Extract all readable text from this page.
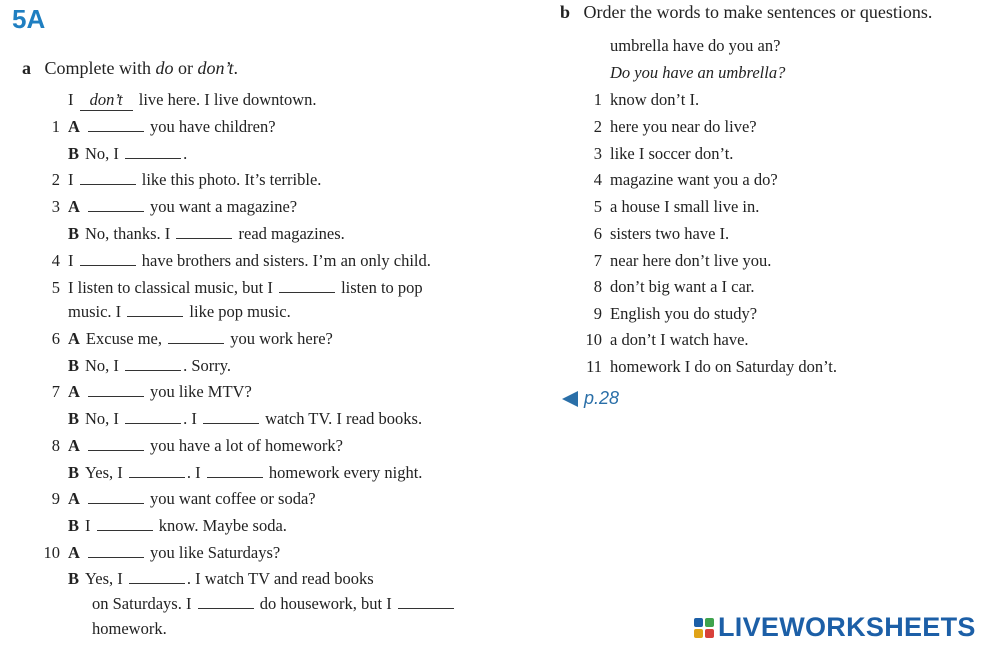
5A
a Complete with do or don’t.
I don’t live here. I live downtown.
1 A	you have children?
B No, I	.
2 I	like this photo. It’s terrible.
3 A	you want a magazine?
B No, thanks. I	read magazines.
4 I	have brothers and sisters. I’m an only child.
5 I listen to classical music, but I	listen to pop
music. I	like pop music.
6 A Excuse me,	you work here?
B No, I	. Sorry.
7 A	you like MTV?
B No, I	. I	watch TV. I read books.
8 A	you have a lot of homework?
B Yes, I	. I	homework every night.
9 A	you want coffee or soda?
B I	know. Maybe soda.
10 A	you like Saturdays?
B Yes, I	. I watch TV and read books
on Saturdays. I	do housework, but I
homework.
b Order the words to make sentences or questions.
umbrella have do you an?
Do you have an umbrella?
1 know don’t I.
2 here you near do live?
3 like I soccer don’t.
4 magazine want you a do?
5 a house I small live in.
6 sisters two have I.
7 near here don’t live you.
8 don’t big want a I car.
9 English you do study?
10 a don’t I watch have.
11 homework I do on Saturday don’t.
p.28
LIVEWORKSHEETS
